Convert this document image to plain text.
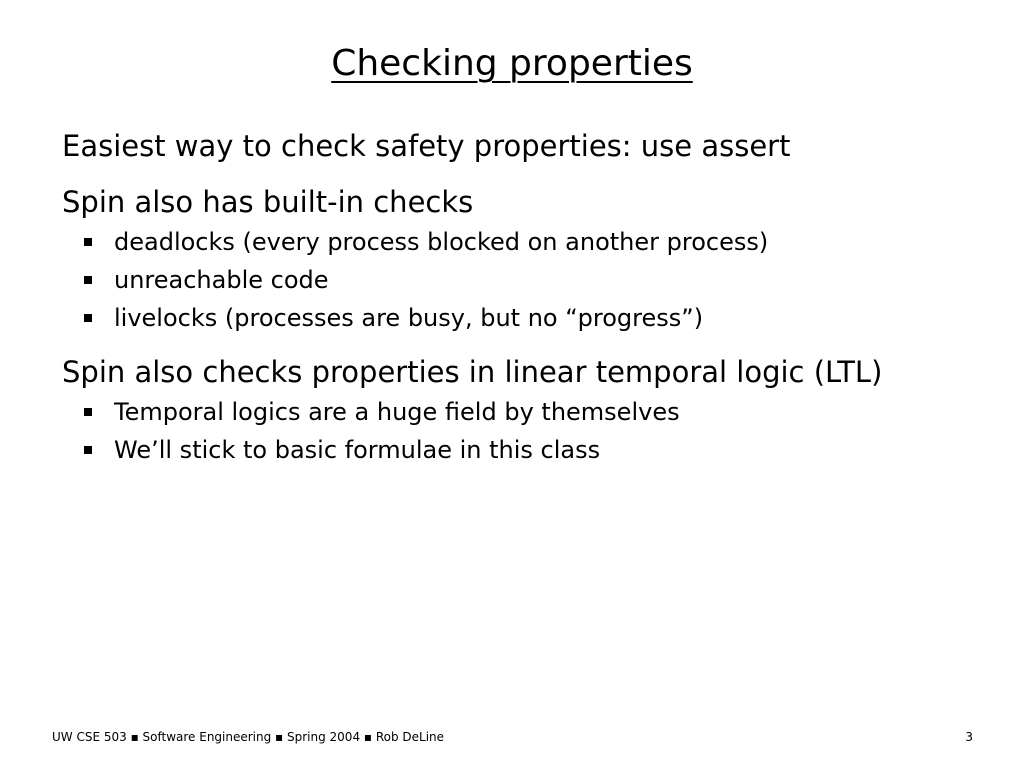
Checking properties
Easiest way to check safety properties: use assert
Spin also has built-in checks
deadlocks (every process blocked on another process)
unreachable code
livelocks (processes are busy, but no “progress”)
Spin also checks properties in linear temporal logic (LTL)
Temporal logics are a huge field by themselves
We’ll stick to basic formulae in this class
UW CSE 503 ▪ Software Engineering ▪ Spring 2004 ▪ Rob DeLine	3
